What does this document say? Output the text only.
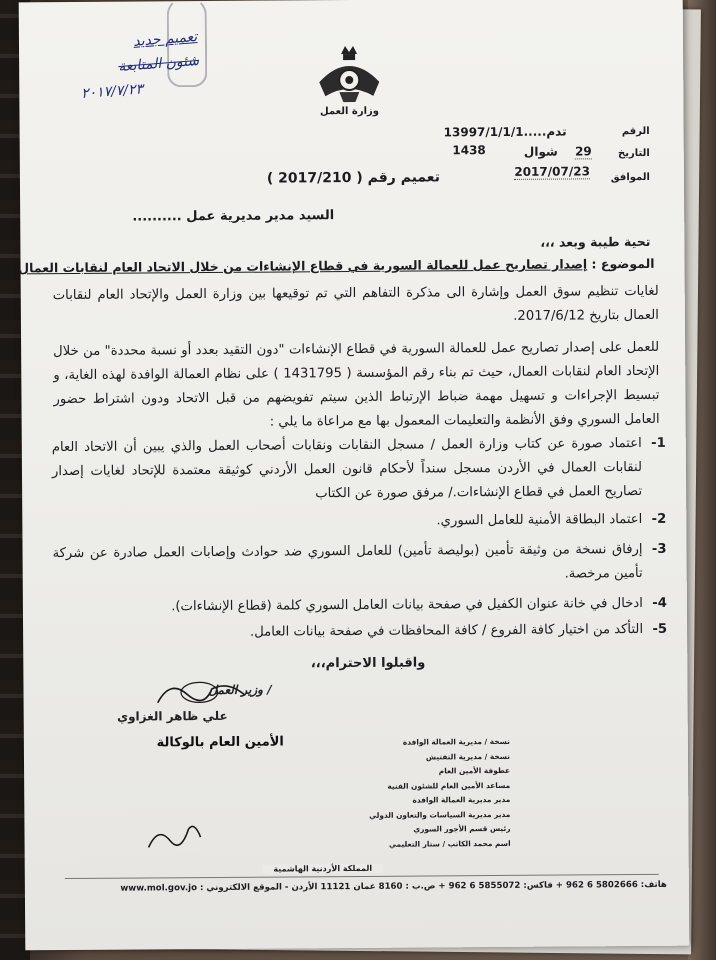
تعميم جديد
شئون المتابعة
٢٠١٧/٧/٢٣
وزارة العمل
الرقم
13997/1/1/1.....تدم
التاريخ
29
شوال
1438
الموافق
2017/07/23
تعميم رقم ( 2017/210 )
السيد مدير مديرية عمل ..........
تحية طيبة وبعد ،،،
الموضوع : إصدار تصاريح عمل للعمالة السورية في قطاع الإنشاءات من خلال الاتحاد العام لنقابات العمال
لغايات تنظيم سوق العمل وإشارة الى مذكرة التفاهم التي تم توقيعها بين وزارة العمل والإتحاد العام لنقابات العمال بتاريخ 2017/6/12.
للعمل على إصدار تصاريح عمل للعمالة السورية في قطاع الإنشاءات "دون التقيد بعدد أو نسبة محددة" من خلال الإتحاد العام لنقابات العمال، حيث تم بناء رقم المؤسسة ( 1431795 ) على نظام العمالة الوافدة لهذه الغاية، و تبسيط الإجراءات و تسهيل مهمة ضباط الإرتباط الذين سيتم تفويضهم من قبل الاتحاد ودون اشتراط حضور العامل السوري وفق الأنظمة والتعليمات المعمول بها مع مراعاة ما يلي :
1-
اعتماد صورة عن كتاب وزارة العمل / مسجل النقابات ونقابات أصحاب العمل والذي يبين أن الاتحاد العام لنقابات العمال في الأردن مسجل سنداً لأحكام قانون العمل الأردني كوثيقة معتمدة للإتحاد لغايات إصدار تصاريح العمل في قطاع الإنشاءات./ مرفق صورة عن الكتاب
2-
اعتماد البطاقة الأمنية للعامل السوري.
3-
إرفاق نسخة من وثيقة تأمين (بوليصة تأمين) للعامل السوري ضد حوادث وإصابات العمل صادرة عن شركة تأمين مرخصة.
4-
ادخال في خانة عنوان الكفيل في صفحة بيانات العامل السوري كلمة (قطاع الإنشاءات).
5-
التأكد من اختيار كافة الفروع / كافة المحافظات في صفحة بيانات العامل.
واقبلوا الاحترام،،،
/ وزير العمل
علي ظاهر الغزاوي
الأمين العام بالوكالة	نسخة / مديرية العمالة الوافدة
نسخة / مديرية التفتيش
عطوفة الأمين العام
مساعد الأمين العام للشئون الفنية
مدير مديرية العمالة الوافدة
مدير مديرية السياسات والتعاون الدولي
رئيس قسم الأجور السوري
اسم محمد الكاتب / ستار التعليمي
المملكة الأردنية الهاشمية
هاتف: 5802666 6 962 + فاكس: 5855072 6 962 + ص.ب : 8160 عمان 11121 الأردن - الموقع الالكتروني : www.mol.gov.jo
